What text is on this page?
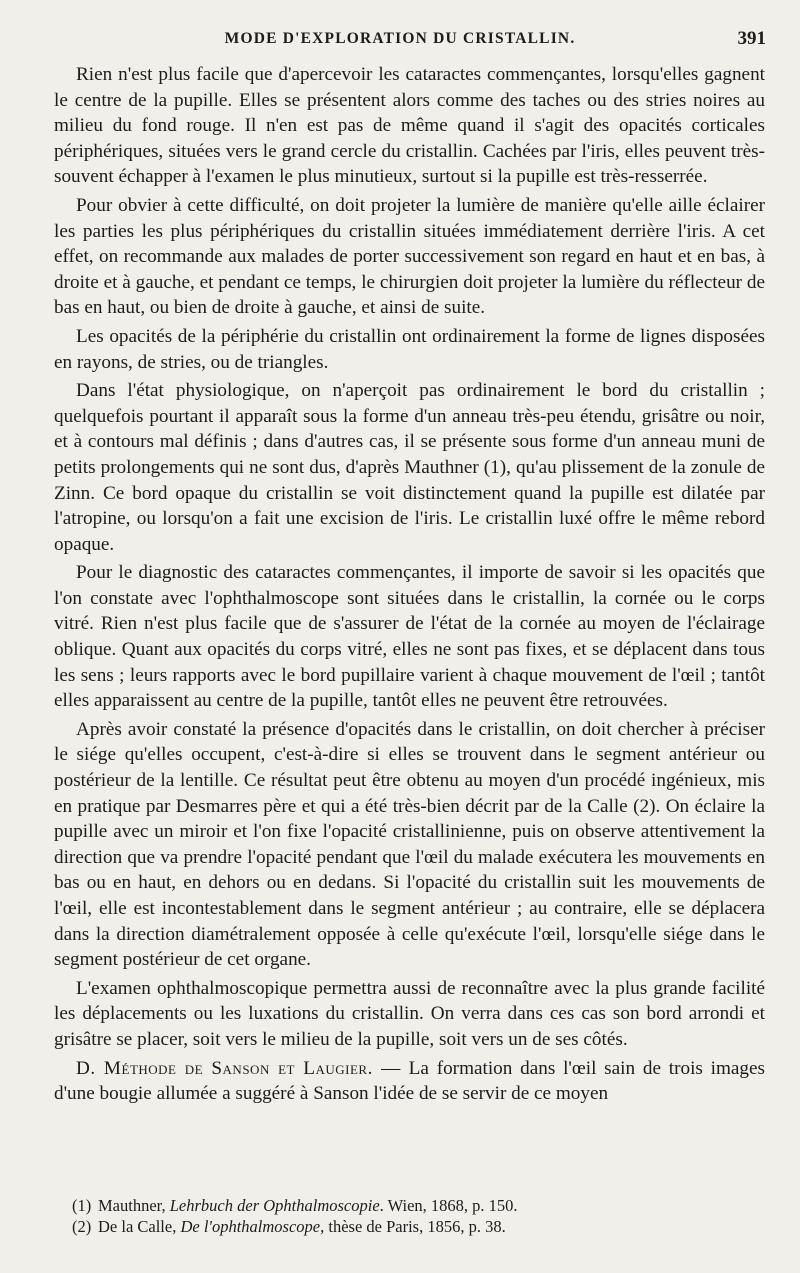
MODE D'EXPLORATION DU CRISTALLIN.	391

Rien n'est plus facile que d'apercevoir les cataractes commençantes, lorsqu'elles gagnent le centre de la pupille. Elles se présentent alors comme des taches ou des stries noires au milieu du fond rouge. Il n'en est pas de même quand il s'agit des opacités corticales périphériques, situées vers le grand cercle du cristallin. Cachées par l'iris, elles peuvent très-souvent échapper à l'examen le plus minutieux, surtout si la pupille est très-resserrée.

Pour obvier à cette difficulté, on doit projeter la lumière de manière qu'elle aille éclairer les parties les plus périphériques du cristallin situées immédiatement derrière l'iris. A cet effet, on recommande aux malades de porter successivement son regard en haut et en bas, à droite et à gauche, et pendant ce temps, le chirurgien doit projeter la lumière du réflecteur de bas en haut, ou bien de droite à gauche, et ainsi de suite.

Les opacités de la périphérie du cristallin ont ordinairement la forme de lignes disposées en rayons, de stries, ou de triangles.

Dans l'état physiologique, on n'aperçoit pas ordinairement le bord du cristallin ; quelquefois pourtant il apparaît sous la forme d'un anneau très-peu étendu, grisâtre ou noir, et à contours mal définis ; dans d'autres cas, il se présente sous forme d'un anneau muni de petits prolongements qui ne sont dus, d'après Mauthner (1), qu'au plissement de la zonule de Zinn. Ce bord opaque du cristallin se voit distinctement quand la pupille est dilatée par l'atropine, ou lorsqu'on a fait une excision de l'iris. Le cristallin luxé offre le même rebord opaque.

Pour le diagnostic des cataractes commençantes, il importe de savoir si les opacités que l'on constate avec l'ophthalmoscope sont situées dans le cristallin, la cornée ou le corps vitré. Rien n'est plus facile que de s'assurer de l'état de la cornée au moyen de l'éclairage oblique. Quant aux opacités du corps vitré, elles ne sont pas fixes, et se déplacent dans tous les sens ; leurs rapports avec le bord pupillaire varient à chaque mouvement de l'œil ; tantôt elles apparaissent au centre de la pupille, tantôt elles ne peuvent être retrouvées.

Après avoir constaté la présence d'opacités dans le cristallin, on doit chercher à préciser le siége qu'elles occupent, c'est-à-dire si elles se trouvent dans le segment antérieur ou postérieur de la lentille. Ce résultat peut être obtenu au moyen d'un procédé ingénieux, mis en pratique par Desmarres père et qui a été très-bien décrit par de la Calle (2). On éclaire la pupille avec un miroir et l'on fixe l'opacité cristallinienne, puis on observe attentivement la direction que va prendre l'opacité pendant que l'œil du malade exécutera les mouvements en bas ou en haut, en dehors ou en dedans. Si l'opacité du cristallin suit les mouvements de l'œil, elle est incontestablement dans le segment antérieur ; au contraire, elle se déplacera dans la direction diamétralement opposée à celle qu'exécute l'œil, lorsqu'elle siége dans le segment postérieur de cet organe.

L'examen ophthalmoscopique permettra aussi de reconnaître avec la plus grande facilité les déplacements ou les luxations du cristallin. On verra dans ces cas son bord arrondi et grisâtre se placer, soit vers le milieu de la pupille, soit vers un de ses côtés.

D. Méthode de Sanson et Laugier. — La formation dans l'œil sain de trois images d'une bougie allumée a suggéré à Sanson l'idée de se servir de ce moyen

(1) Mauthner, Lehrbuch der Ophthalmoscopie. Wien, 1868, p. 150.
(2) De la Calle, De l'ophthalmoscope, thèse de Paris, 1856, p. 38.
